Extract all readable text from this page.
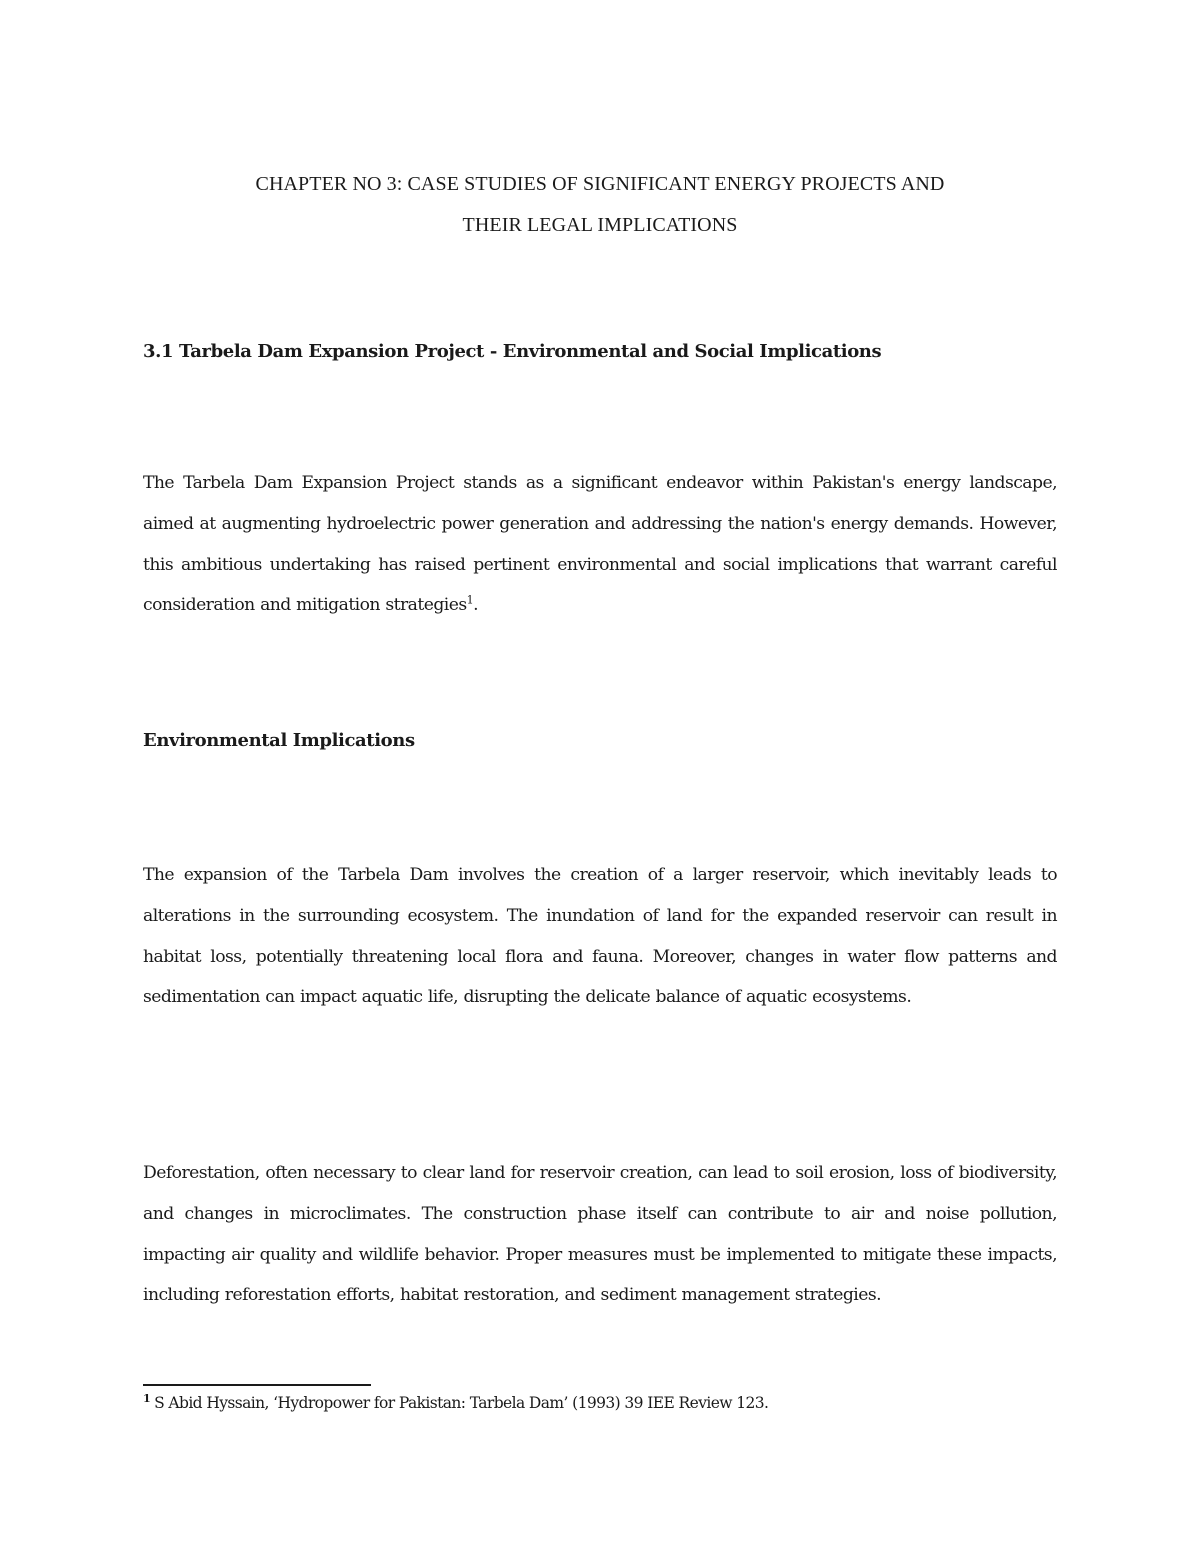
CHAPTER NO 3: CASE STUDIES OF SIGNIFICANT ENERGY PROJECTS AND
THEIR LEGAL IMPLICATIONS
3.1 Tarbela Dam Expansion Project - Environmental and Social Implications

The Tarbela Dam Expansion Project stands as a significant endeavor within Pakistan's energy landscape, aimed at augmenting hydroelectric power generation and addressing the nation's energy demands. However, this ambitious undertaking has raised pertinent environmental and social implications that warrant careful consideration and mitigation strategies$^1$.

Environmental Implications

The expansion of the Tarbela Dam involves the creation of a larger reservoir, which inevitably leads to alterations in the surrounding ecosystem. The inundation of land for the expanded reservoir can result in habitat loss, potentially threatening local flora and fauna. Moreover, changes in water flow patterns and sedimentation can impact aquatic life, disrupting the delicate balance of aquatic ecosystems.

Deforestation, often necessary to clear land for reservoir creation, can lead to soil erosion, loss of biodiversity, and changes in microclimates. The construction phase itself can contribute to air and noise pollution, impacting air quality and wildlife behavior. Proper measures must be implemented to mitigate these impacts, including reforestation efforts, habitat restoration, and sediment management strategies.

$^1$ S Abid Hyssain, ‘Hydropower for Pakistan: Tarbela Dam’ (1993) 39 IEE Review 123.
